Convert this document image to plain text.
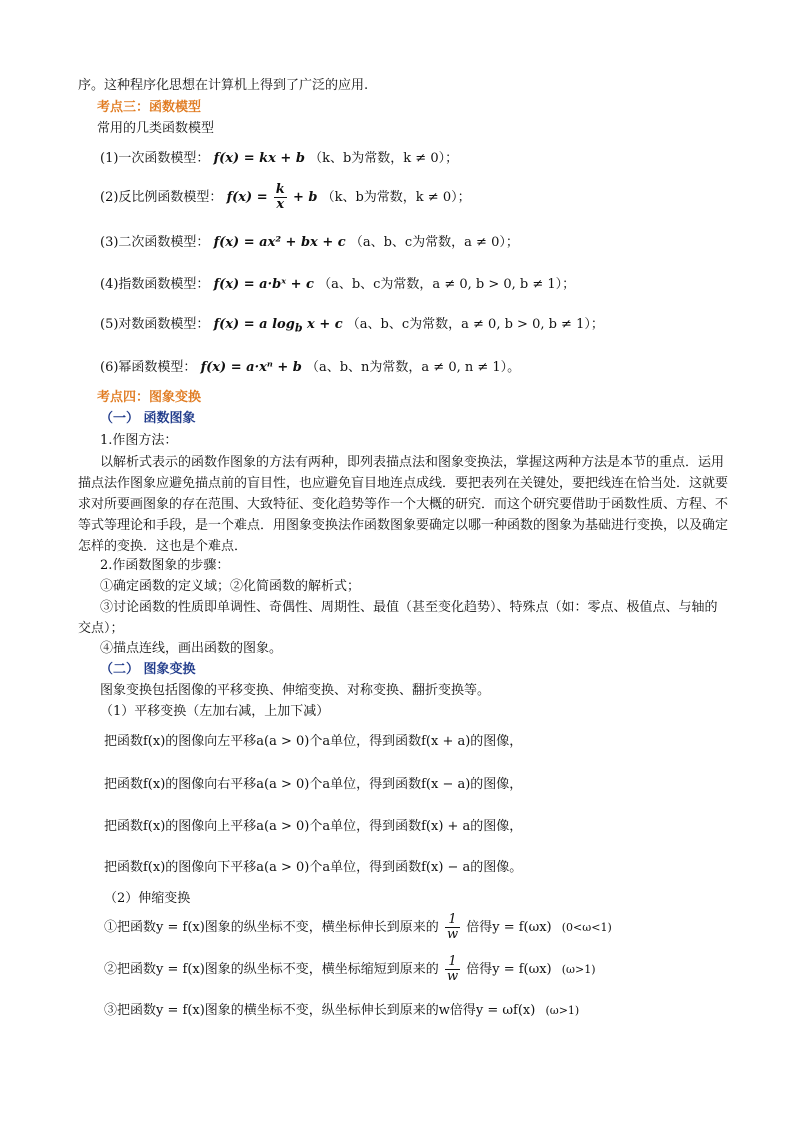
序。这种程序化思想在计算机上得到了广泛的应用.
考点三：函数模型
常用的几类函数模型
(1)一次函数模型： f(x) = kx + b （k、b为常数，k ≠ 0）；
(2)反比例函数模型： $f(x) = \frac{k}{x} + b$ （k、b为常数，k ≠ 0）；
(3)二次函数模型： f(x) = ax² + bx + c （a、b、c为常数，a ≠ 0）；
(4)指数函数模型： f(x) = a·bˣ + c （a、b、c为常数，a ≠ 0, b > 0, b ≠ 1）；
(5)对数函数模型： f(x) = a $\log_b x + c$ （a、b、c为常数，a ≠ 0, b > 0, b ≠ 1）；
(6)幂函数模型： f(x) = a·xⁿ + b （a、b、n为常数，a ≠ 0, n ≠ 1）。
考点四：图象变换
（一） 函数图象
1.作图方法：
以解析式表示的函数作图象的方法有两种，即列表描点法和图象变换法，掌握这两种方法是本节的重点．运用描点法作图象应避免描点前的盲目性，也应避免盲目地连点成线．要把表列在关键处，要把线连在恰当处．这就要求对所要画图象的存在范围、大致特征、变化趋势等作一个大概的研究．而这个研究要借助于函数性质、方程、不等式等理论和手段，是一个难点．用图象变换法作函数图象要确定以哪一种函数的图象为基础进行变换，以及确定怎样的变换．这也是个难点．
2.作函数图象的步骤：
①确定函数的定义域；②化简函数的解析式；
③讨论函数的性质即单调性、奇偶性、周期性、最值（甚至变化趋势）、特殊点（如：零点、极值点、与轴的交点）；
④描点连线，画出函数的图象。
（二） 图象变换
图象变换包括图像的平移变换、伸缩变换、对称变换、翻折变换等。
（1）平移变换（左加右减，上加下减）
把函数f(x)的图像向左平移a(a > 0)个a单位，得到函数f(x + a)的图像，
把函数f(x)的图像向右平移a(a > 0)个a单位，得到函数f(x − a)的图像，
把函数f(x)的图像向上平移a(a > 0)个a单位，得到函数f(x) + a的图像，
把函数f(x)的图像向下平移a(a > 0)个a单位，得到函数f(x) − a的图像。
（2）伸缩变换
①把函数y = f(x)图象的纵坐标不变，横坐标伸长到原来的 $\frac{1}{w}$ 倍得y = f(ωx) (0<ω<1)
②把函数y = f(x)图象的纵坐标不变，横坐标缩短到原来的 $\frac{1}{w}$ 倍得y = f(ωx) (ω>1)
③把函数y = f(x)图象的横坐标不变，纵坐标伸长到原来的w倍得y = ωf(x) (ω>1)
